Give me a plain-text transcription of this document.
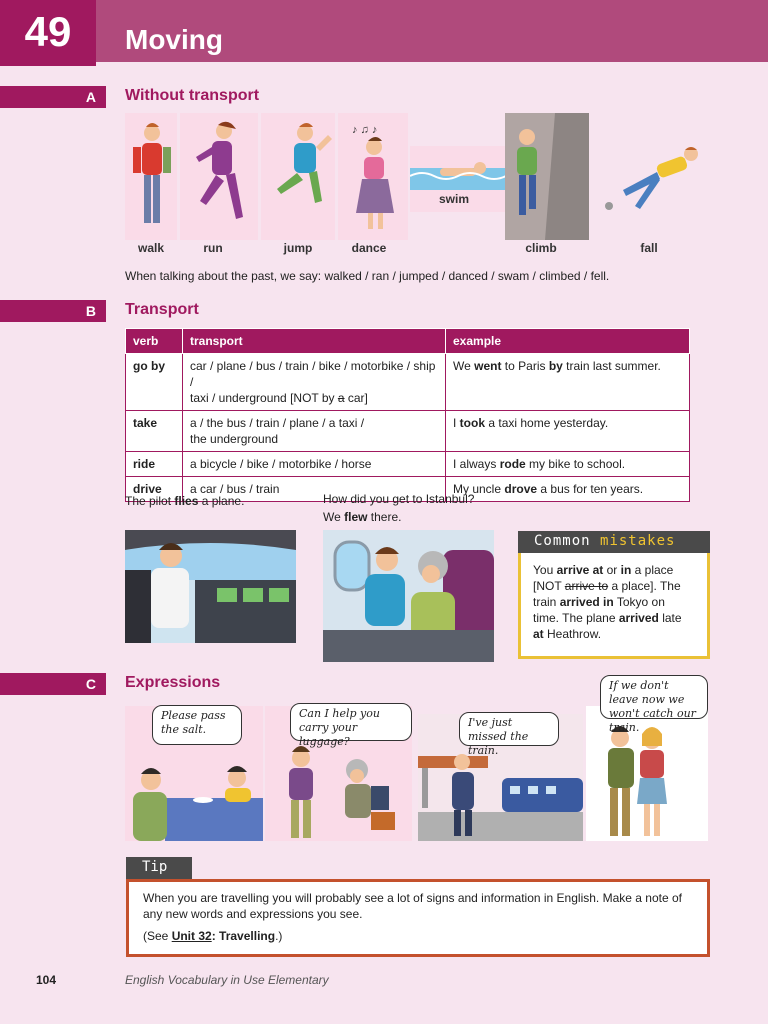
49	Moving
A Without transport
walk	run	jump
♪ ♫ ♪
dance
swim
climb	fall
When talking about the past, we say: walked / ran / jumped / danced / swam / climbed / fell.
B Transport
verb	transport	example
go by	car / plane / bus / train / bike / motorbike / ship /
taxi / underground [NOT by a car]	We went to Paris by train last summer.
take	a / the bus / train / plane / a taxi /
the underground	I took a taxi home yesterday.
ride	a bicycle / bike / motorbike / horse	I always rode my bike to school.
drive	a car / bus / train	My uncle drove a bus for ten years.
The pilot flies a plane.	How did you get to Istanbul?
We flew there.
Common mistakes
You arrive at or in a place
[NOT arrive to a place]. The
train arrived in Tokyo on
time. The plane arrived late
at Heathrow.
C Expressions
Please pass the salt.
Can I help you carry your luggage?
I've just missed the train.
If we don't leave now we won't catch our train.
Tip
When you are travelling you will probably see a lot of signs and information in English. Make a note of any new words and expressions you see.
(See Unit 32: Travelling.)
104	English Vocabulary in Use Elementary
